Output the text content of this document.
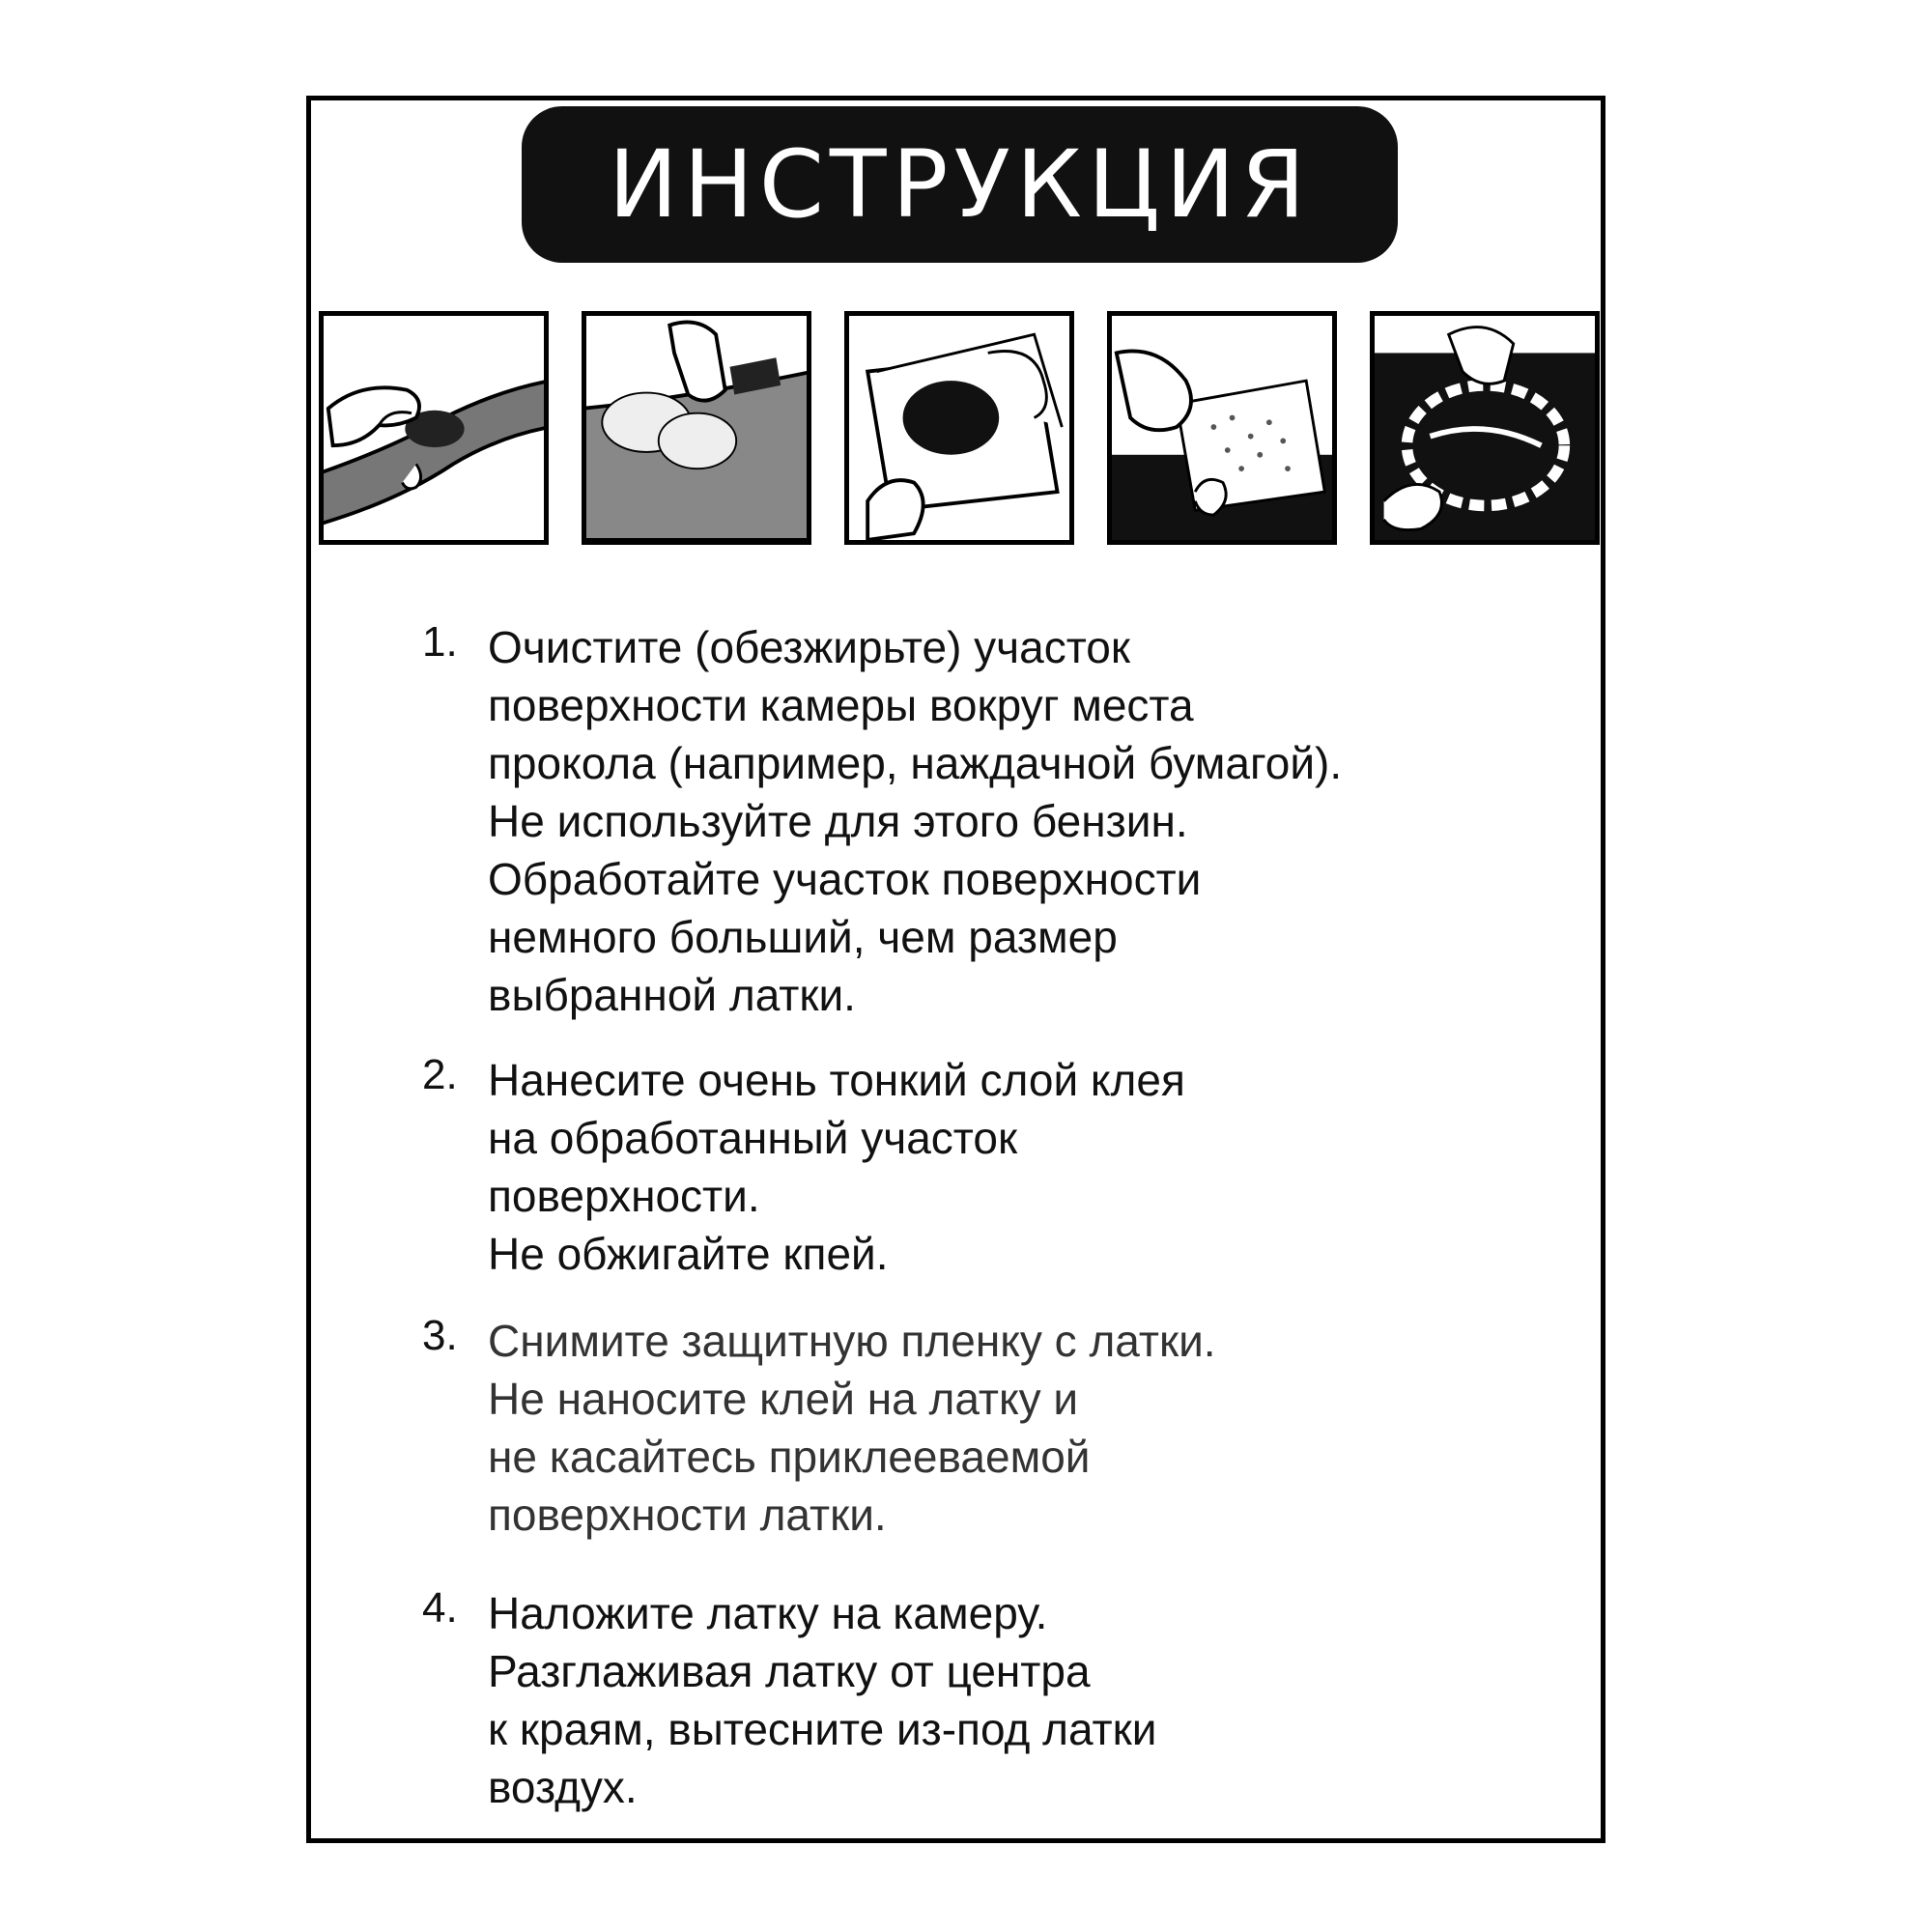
ИНСТРУКЦИЯ
1. Очистите (обезжирьте) участок
поверхности камеры вокруг места
прокола (например, наждачной бумагой).
Не используйте для этого бензин.
Обработайте участок поверхности
немного больший, чем размер
выбранной латки.
2. Нанесите очень тонкий слой клея
на обработанный участок
поверхности.
Не обжигайте кпей.
3. Снимите защитную пленку с латки.
Не наносите клей на латку и
не касайтесь приклееваемой
поверхности латки.
4. Наложите латку на камеру.
Разглаживая латку от центра
к краям, вытесните из-под латки
воздух.
